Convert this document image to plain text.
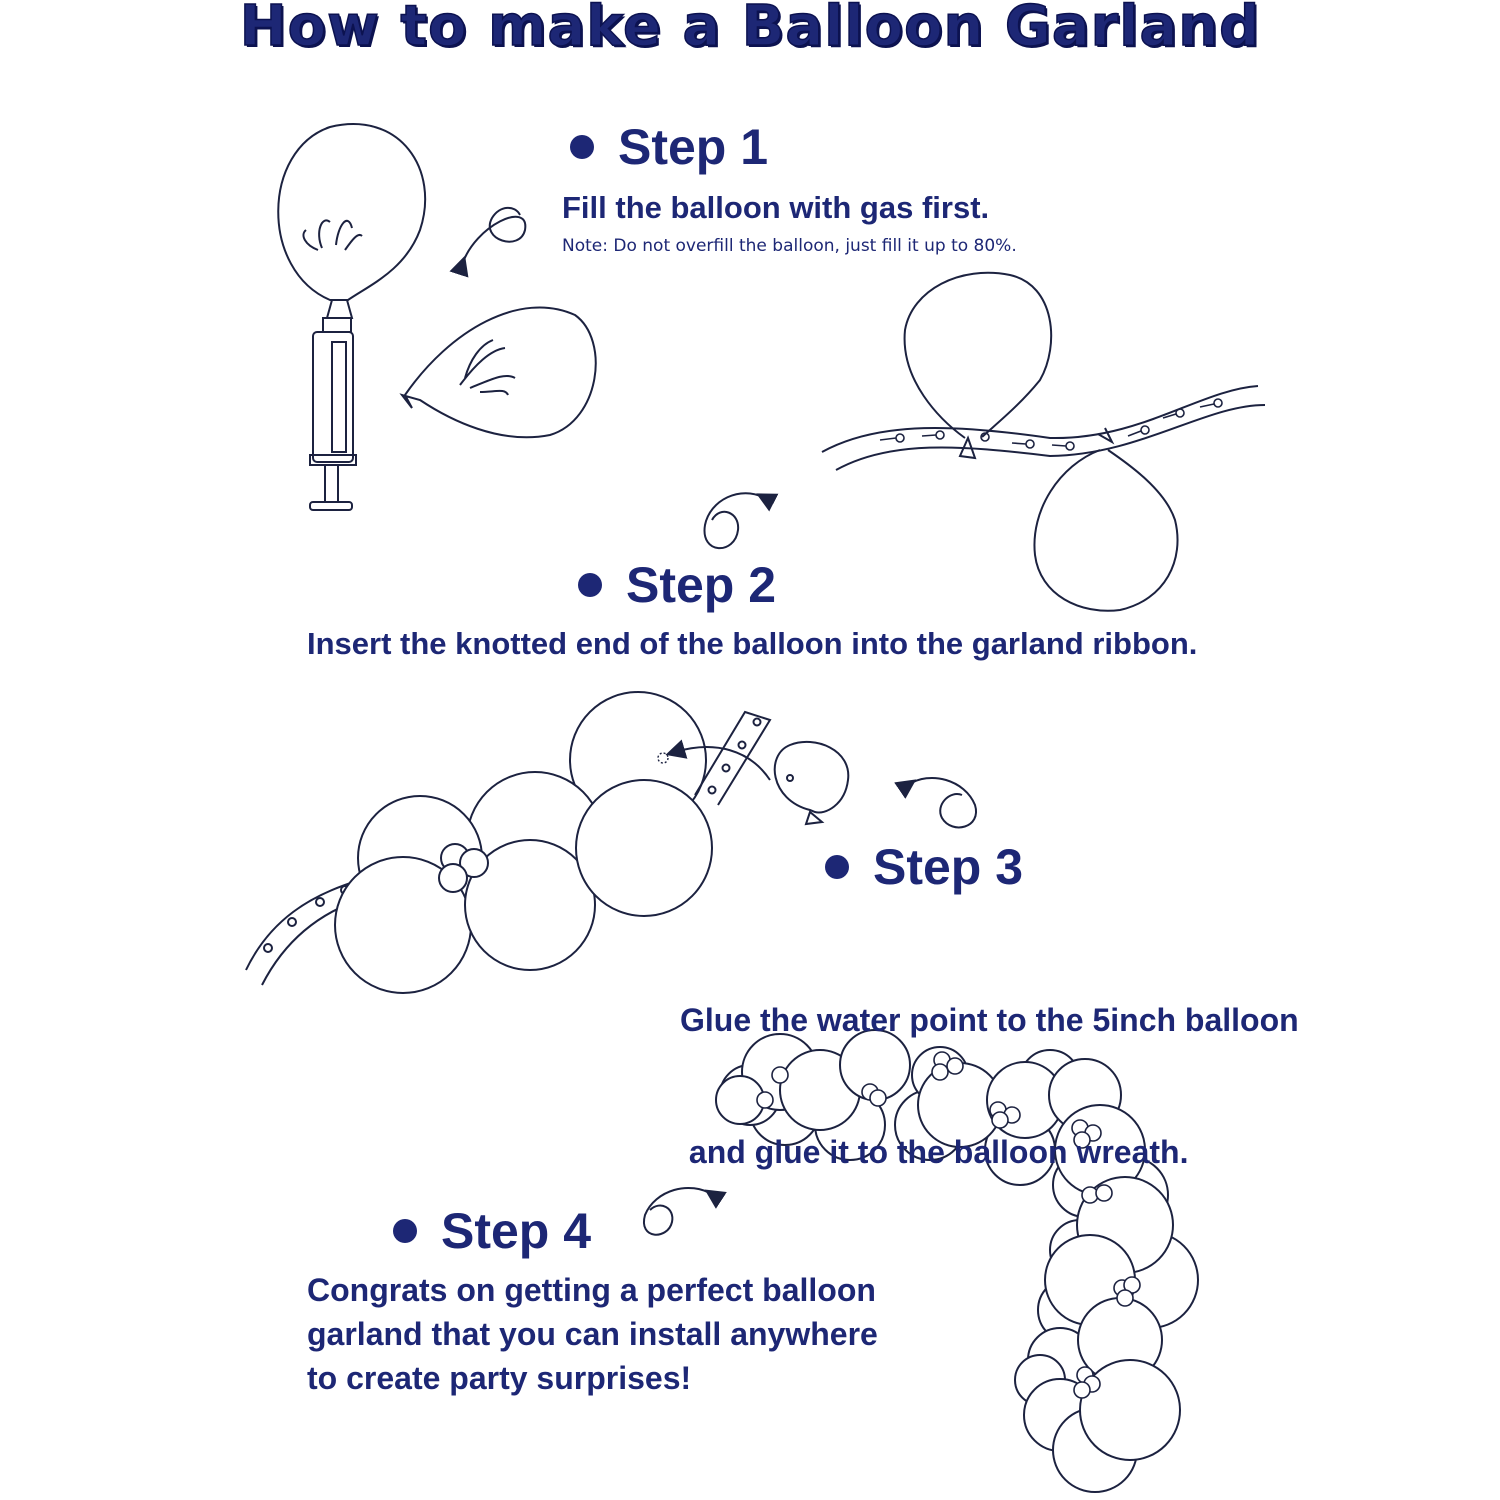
How to make a Balloon Garland
Step 1
Fill the balloon with gas first.
Note: Do not overfill the balloon, just fill it up to 80%.
Step 2
Insert the knotted end of the balloon into the garland ribbon.
Step 3

Glue the water point to the 5inch balloon

and glue it to the balloon wreath.

Step 4
Congrats on getting a perfect balloon
garland that you can install anywhere
to create party surprises!
